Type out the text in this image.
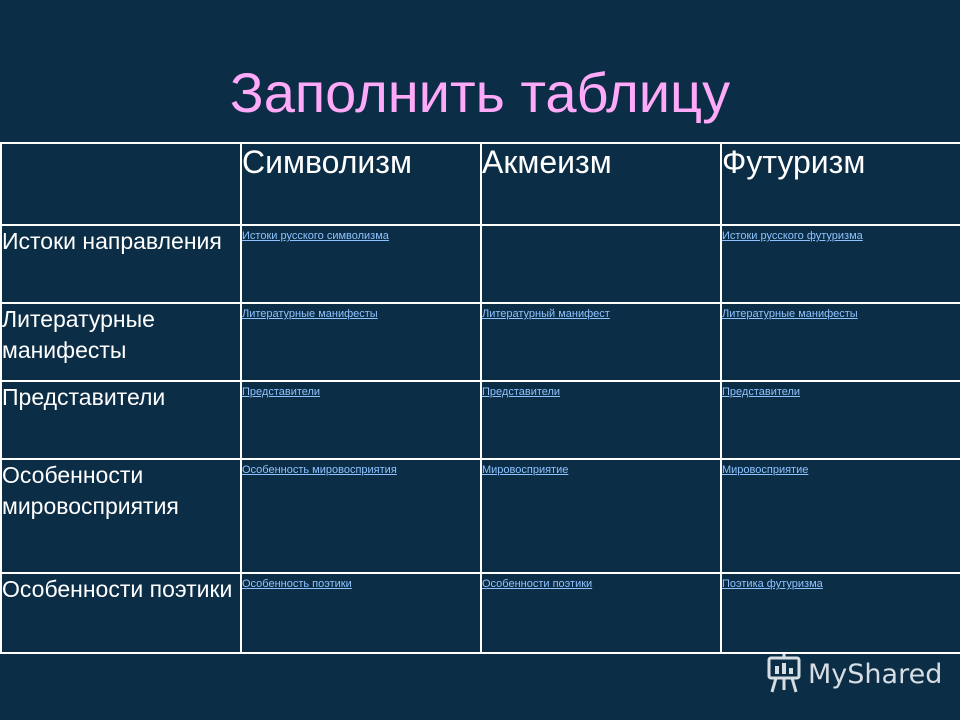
Заполнить таблицу
	Символизм	Акмеизм	Футуризм
Истоки направления	Истоки русского символизма		Истоки русского футуризма
Литературные манифесты	Литературные манифесты	Литературный манифест	Литературные манифесты
Представители	Представители	Представители	Представители
Особенности мировосприятия	Особенность мировосприятия	Мировосприятие	Мировосприятие
Особенности поэтики	Особенность поэтики	Особенности поэтики	Поэтика футуризма
MyShared
